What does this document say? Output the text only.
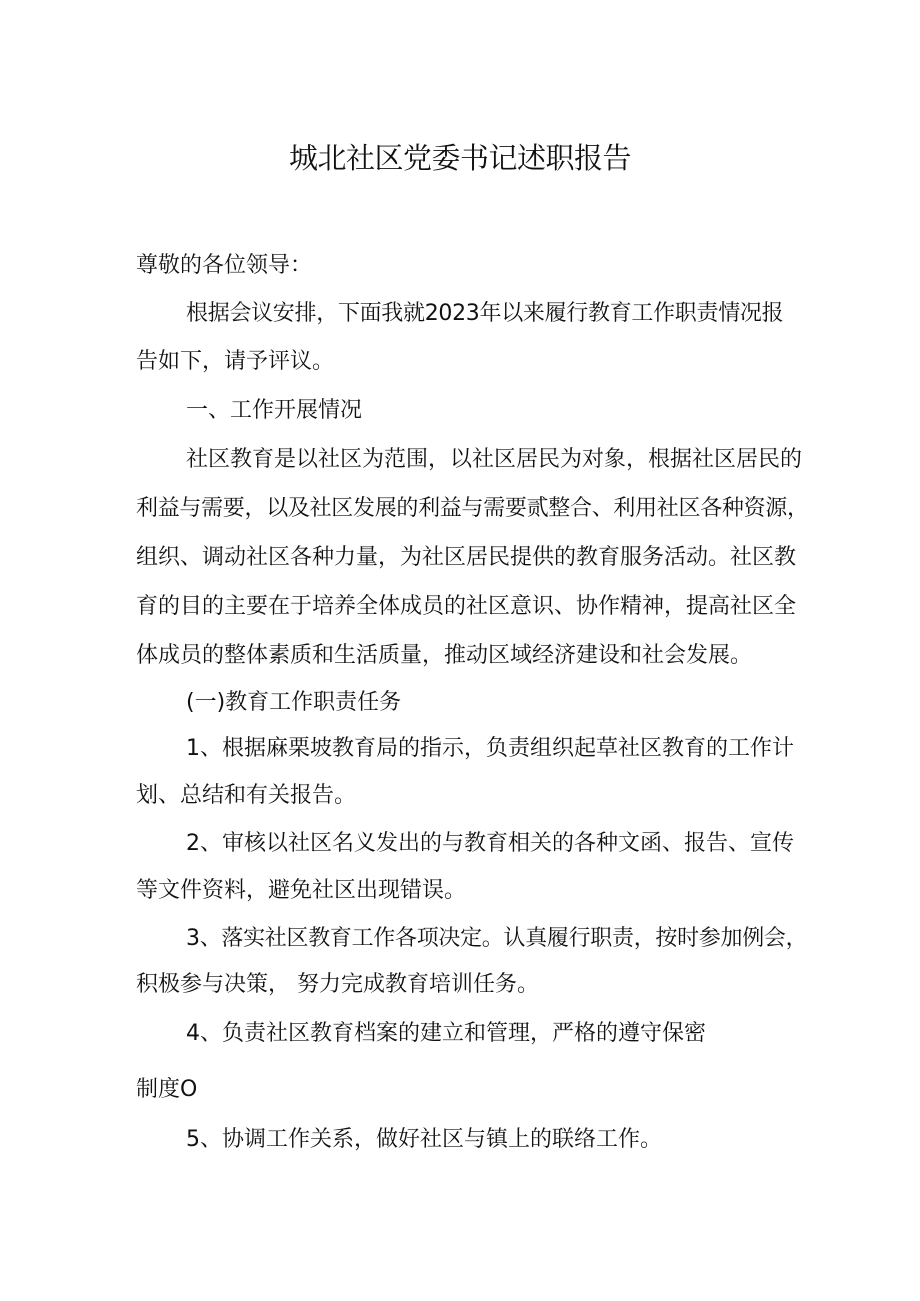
城北社区党委书记述职报告
尊敬的各位领导：
根据会议安排，下面我就2023年以来履行教育工作职责情况报
告如下，请予评议。
一、工作开展情况
社区教育是以社区为范围，以社区居民为对象，根据社区居民的
利益与需要，以及社区发展的利益与需要贰整合、利用社区各种资源，
组织、调动社区各种力量，为社区居民提供的教育服务活动。社区教
育的目的主要在于培养全体成员的社区意识、协作精神，提高社区全
体成员的整体素质和生活质量，推动区域经济建设和社会发展。
(一)教育工作职责任务
1、根据麻栗坡教育局的指示，负责组织起草社区教育的工作计
划、总结和有关报告。
2、审核以社区名义发出的与教育相关的各种文函、报告、宣传
等文件资料，避免社区出现错误。
3、落实社区教育工作各项决定。认真履行职责，按时参加例会，
积极参与决策， 努力完成教育培训任务。
4、负责社区教育档案的建立和管理，严格的遵守保密
制度O
5、协调工作关系，做好社区与镇上的联络工作。
